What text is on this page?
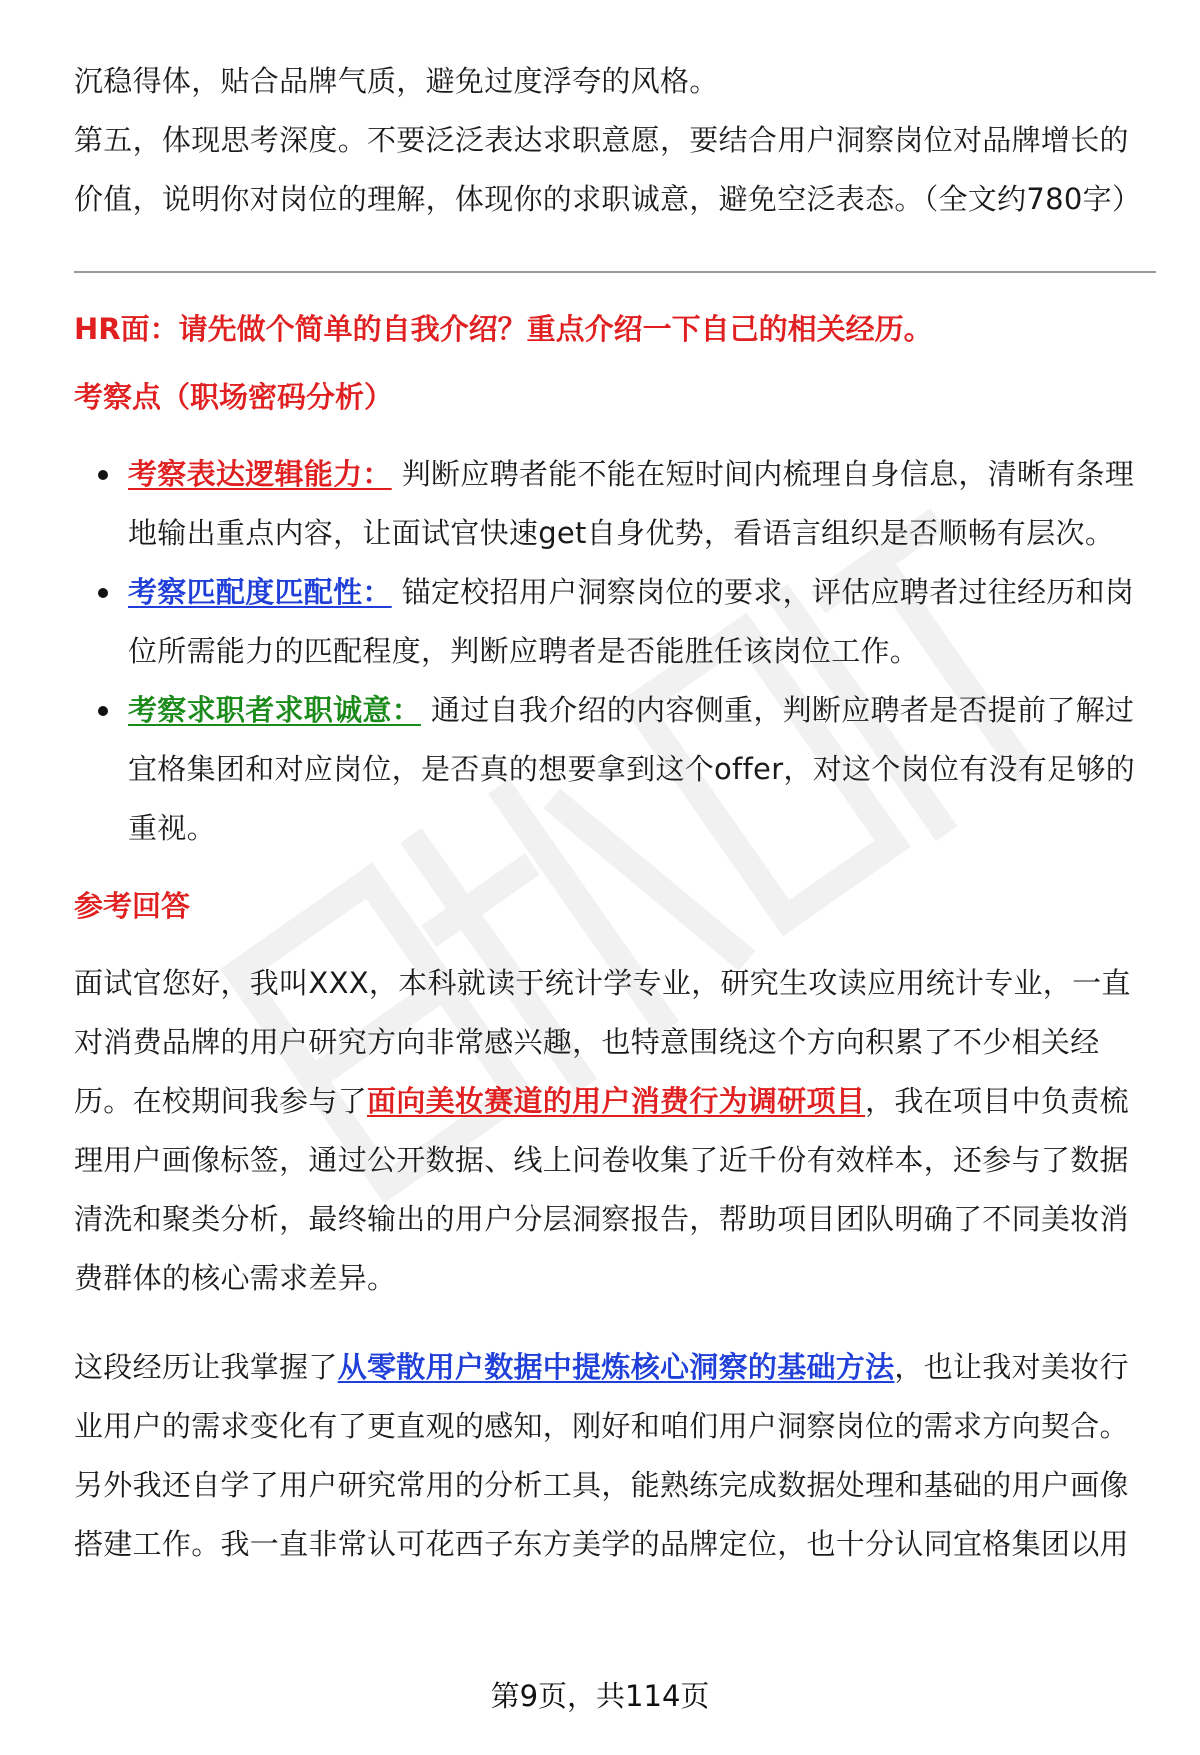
沉稳得体，贴合品牌气质，避免过度浮夸的风格。

第五，体现思考深度。不要泛泛表达求职意愿，要结合用户洞察岗位对品牌增长的价值，说明你对岗位的理解，体现你的求职诚意，避免空泛表态。（全文约780字）

HR面：请先做个简单的自我介绍？重点介绍一下自己的相关经历。

考察点（职场密码分析）

考察表达逻辑能力： 判断应聘者能不能在短时间内梳理自身信息，清晰有条理地输出重点内容，让面试官快速get自身优势，看语言组织是否顺畅有层次。
考察匹配度匹配性： 锚定校招用户洞察岗位的要求，评估应聘者过往经历和岗位所需能力的匹配程度，判断应聘者是否能胜任该岗位工作。
考察求职者求职诚意： 通过自我介绍的内容侧重，判断应聘者是否提前了解过宜格集团和对应岗位，是否真的想要拿到这个offer，对这个岗位有没有足够的重视。

参考回答

面试官您好，我叫XXX，本科就读于统计学专业，研究生攻读应用统计专业，一直对消费品牌的用户研究方向非常感兴趣，也特意围绕这个方向积累了不少相关经历。在校期间我参与了面向美妆赛道的用户消费行为调研项目，我在项目中负责梳理用户画像标签，通过公开数据、线上问卷收集了近千份有效样本，还参与了数据清洗和聚类分析，最终输出的用户分层洞察报告，帮助项目团队明确了不同美妆消费群体的核心需求差异。

这段经历让我掌握了从零散用户数据中提炼核心洞察的基础方法，也让我对美妆行业用户的需求变化有了更直观的感知，刚好和咱们用户洞察岗位的需求方向契合。另外我还自学了用户研究常用的分析工具，能熟练完成数据处理和基础的用户画像搭建工作。我一直非常认可花西子东方美学的品牌定位，也十分认同宜格集团以用

第9页，共114页
